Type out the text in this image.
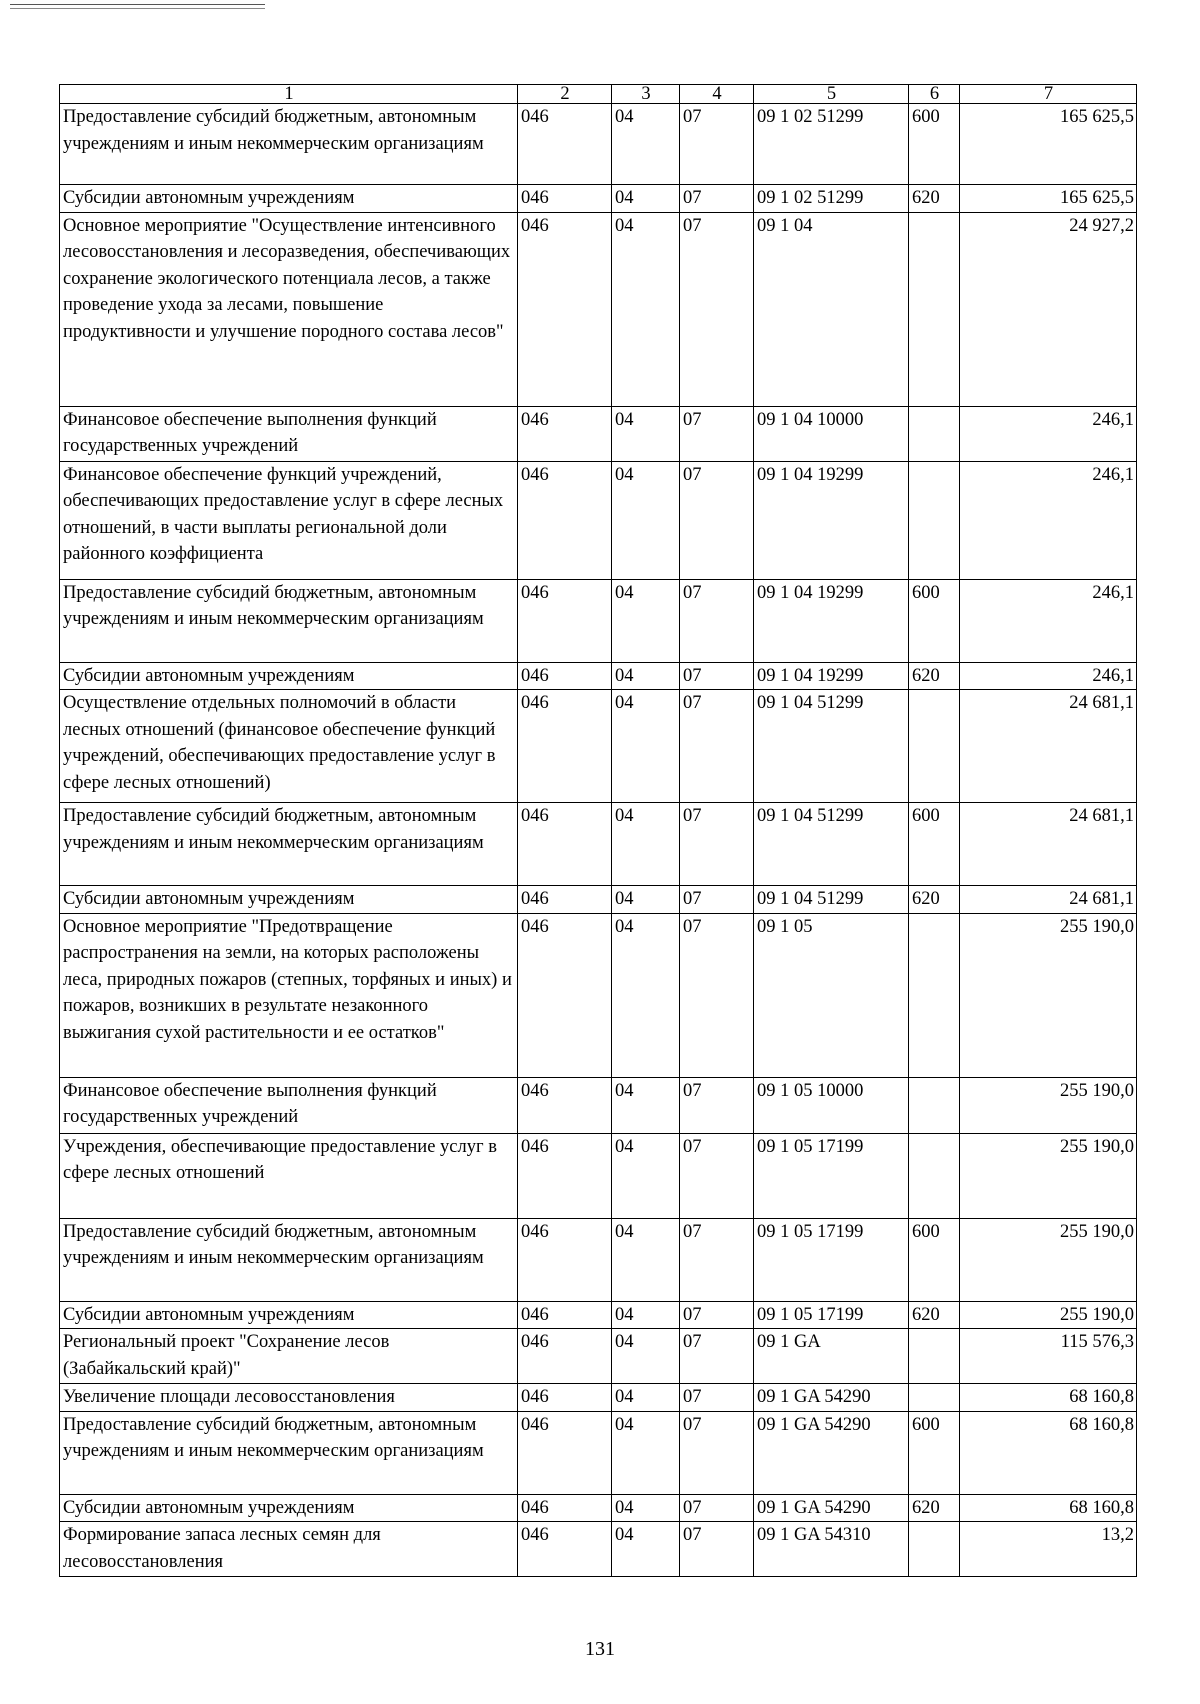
1	2	3	4	5	6	7
Предоставление субсидий бюджетным, автономным учреждениям и иным некоммерческим организациям	046	04	07	09 1 02 51299	600	165 625,5
Субсидии автономным учреждениям	046	04	07	09 1 02 51299	620	165 625,5
Основное мероприятие "Осуществление интенсивного лесовосстановления и лесоразведения, обеспечивающих сохранение экологического потенциала лесов, а также проведение ухода за лесами, повышение продуктивности и улучшение породного состава лесов"	046	04	07	09 1 04		24 927,2
Финансовое обеспечение выполнения функций государственных учреждений	046	04	07	09 1 04 10000		246,1
Финансовое обеспечение функций учреждений, обеспечивающих предоставление услуг в сфере лесных отношений, в части выплаты региональной доли районного коэффициента	046	04	07	09 1 04 19299		246,1
Предоставление субсидий бюджетным, автономным учреждениям и иным некоммерческим организациям	046	04	07	09 1 04 19299	600	246,1
Субсидии автономным учреждениям	046	04	07	09 1 04 19299	620	246,1
Осуществление отдельных полномочий в области лесных отношений (финансовое обеспечение функций учреждений, обеспечивающих предоставление услуг в сфере лесных отношений)	046	04	07	09 1 04 51299		24 681,1
Предоставление субсидий бюджетным, автономным учреждениям и иным некоммерческим организациям	046	04	07	09 1 04 51299	600	24 681,1
Субсидии автономным учреждениям	046	04	07	09 1 04 51299	620	24 681,1
Основное мероприятие "Предотвращение распространения на земли, на которых расположены леса, природных пожаров (степных, торфяных и иных) и пожаров, возникших в результате незаконного выжигания сухой растительности и ее остатков"	046	04	07	09 1 05		255 190,0
Финансовое обеспечение выполнения функций государственных учреждений	046	04	07	09 1 05 10000		255 190,0
Учреждения, обеспечивающие предоставление услуг в сфере лесных отношений	046	04	07	09 1 05 17199		255 190,0
Предоставление субсидий бюджетным, автономным учреждениям и иным некоммерческим организациям	046	04	07	09 1 05 17199	600	255 190,0
Субсидии автономным учреждениям	046	04	07	09 1 05 17199	620	255 190,0
Региональный проект "Сохранение лесов (Забайкальский край)"	046	04	07	09 1 GA		115 576,3
Увеличение площади лесовосстановления	046	04	07	09 1 GA 54290		68 160,8
Предоставление субсидий бюджетным, автономным учреждениям и иным некоммерческим организациям	046	04	07	09 1 GA 54290	600	68 160,8
Субсидии автономным учреждениям	046	04	07	09 1 GA 54290	620	68 160,8
Формирование запаса лесных семян для лесовосстановления	046	04	07	09 1 GA 54310		13,2
131
